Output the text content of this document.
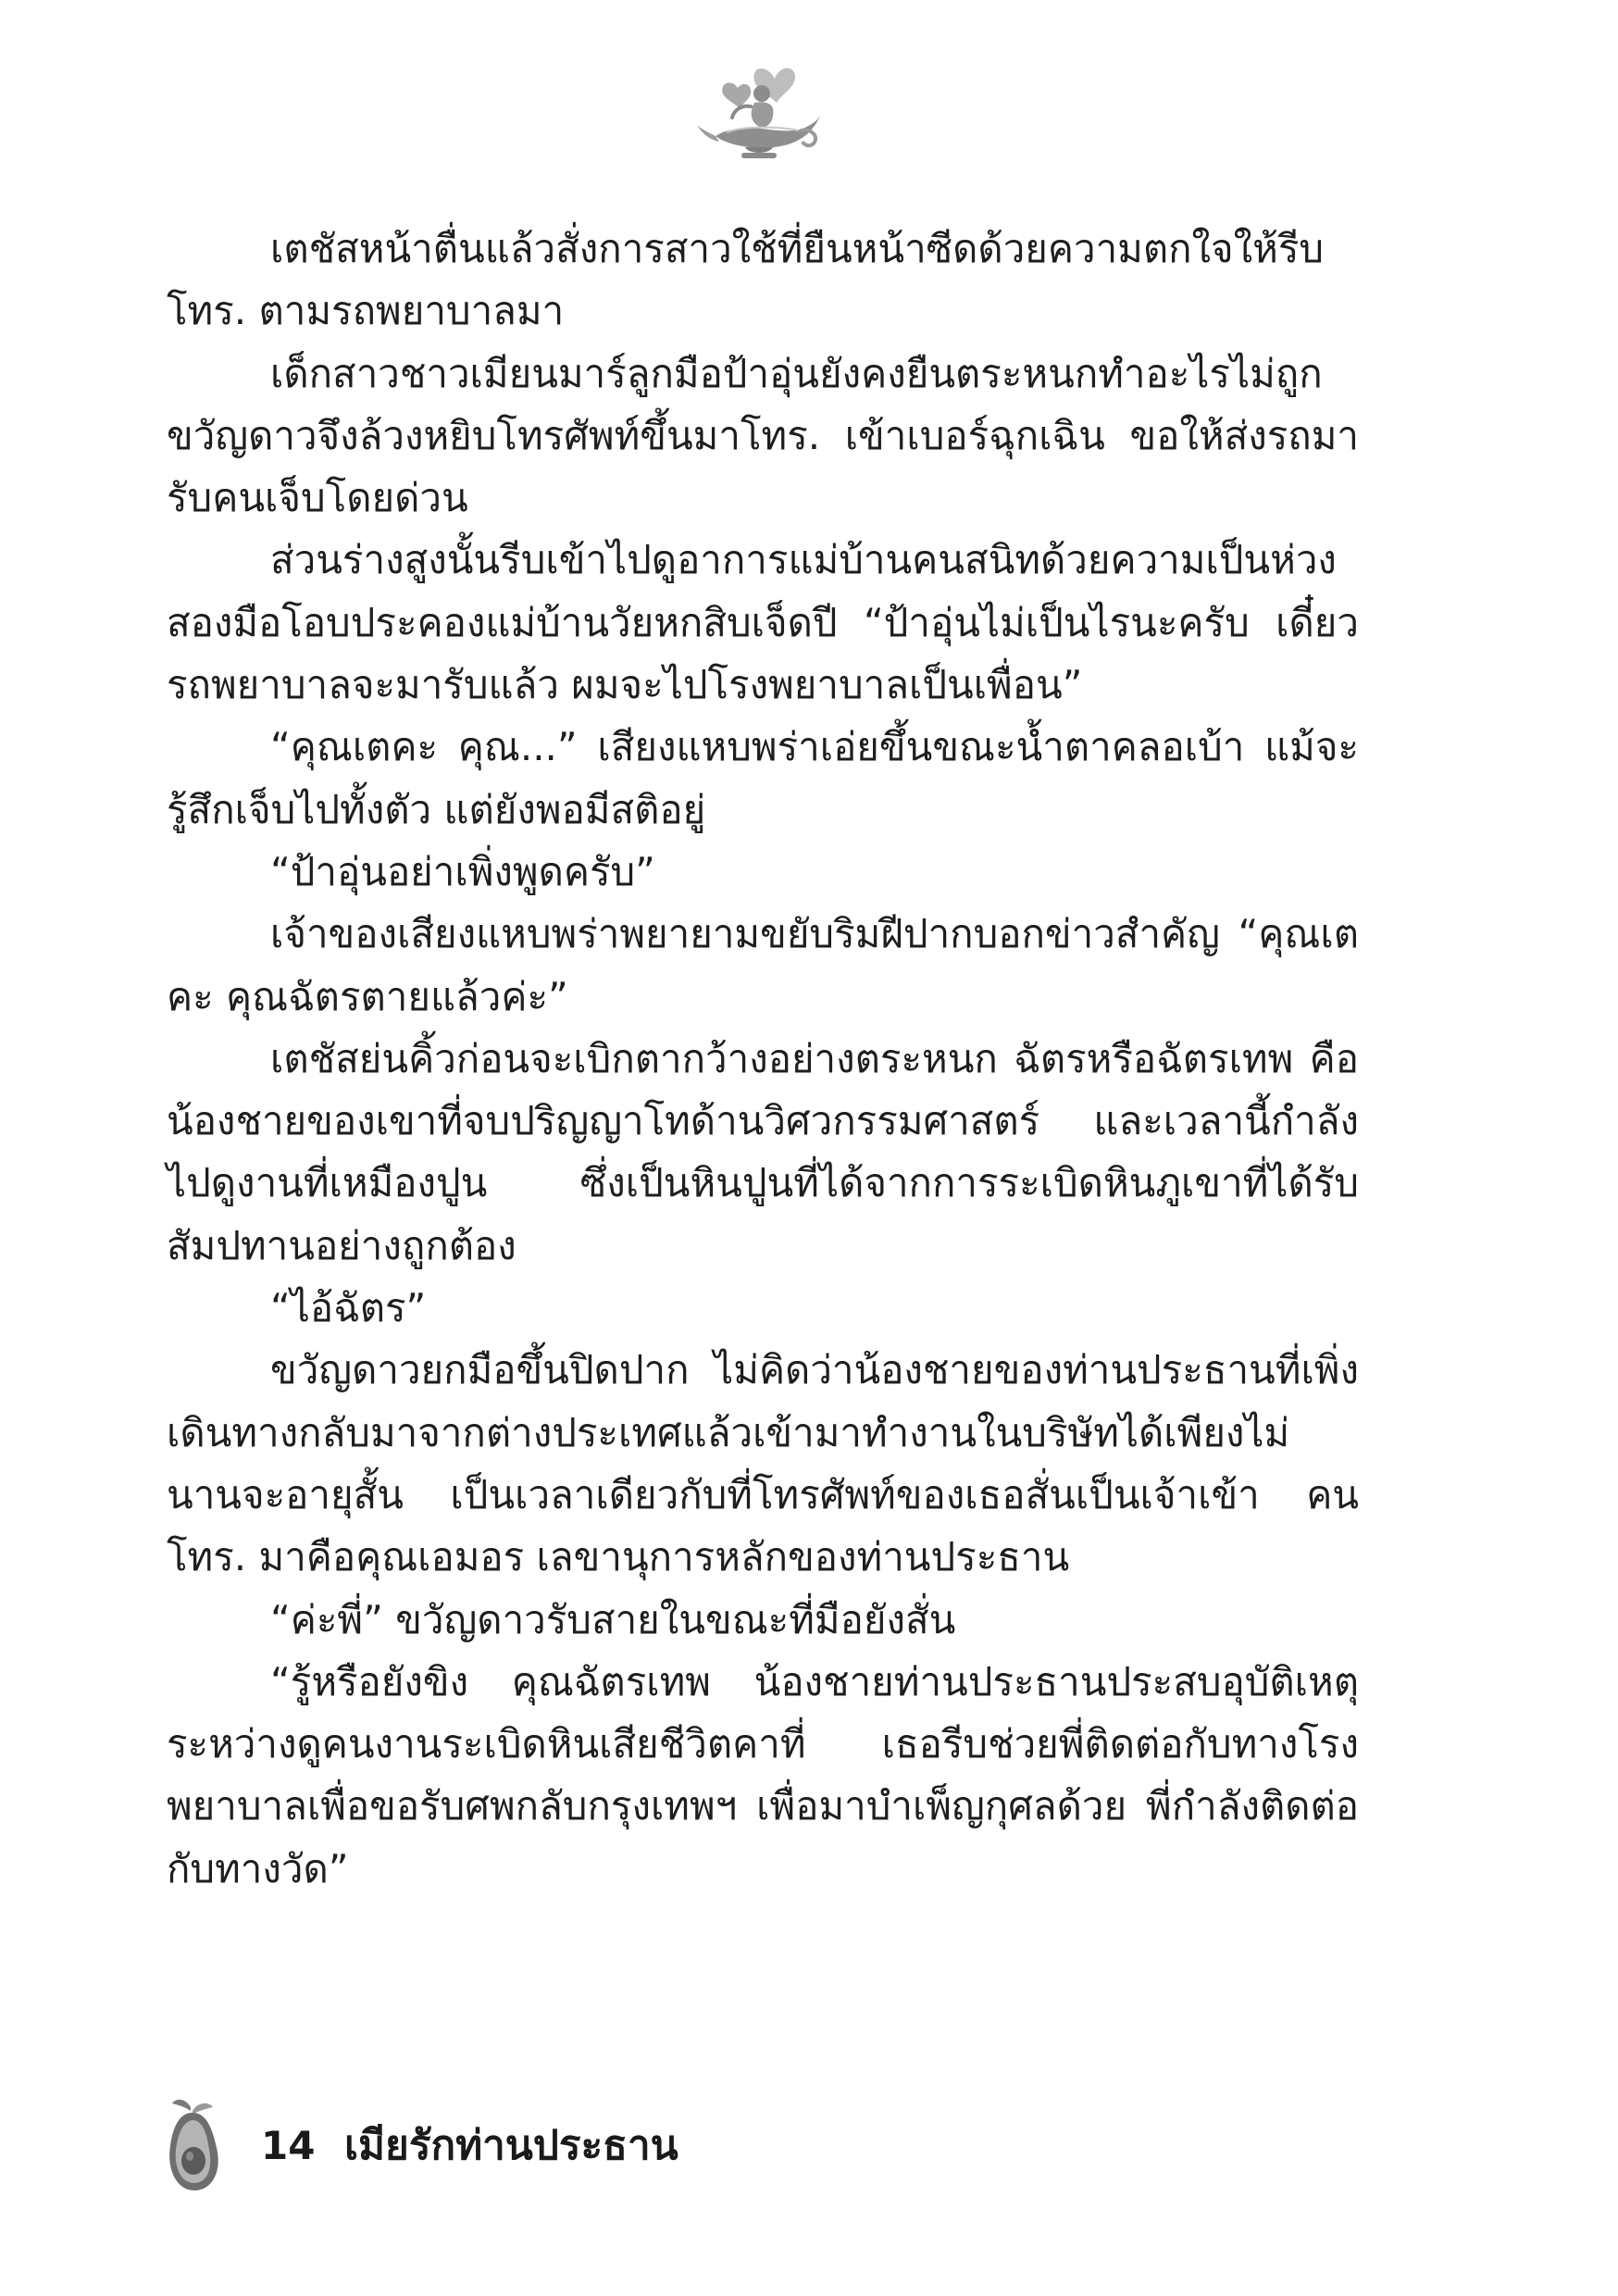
เตชัสหน้าตื่นแล้วสั่งการสาวใช้ที่ยืนหน้าซีดด้วยความตกใจให้รีบโทร. ตามรถพยาบาลมา

เด็กสาวชาวเมียนมาร์ลูกมือป้าอุ่นยังคงยืนตระหนกทำอะไรไม่ถูก ขวัญดาวจึงล้วงหยิบโทรศัพท์ขึ้นมาโทร. เข้าเบอร์ฉุกเฉิน ขอให้ส่งรถมารับคนเจ็บโดยด่วน

ส่วนร่างสูงนั้นรีบเข้าไปดูอาการแม่บ้านคนสนิทด้วยความเป็นห่วง สองมือโอบประคองแม่บ้านวัยหกสิบเจ็ดปี “ป้าอุ่นไม่เป็นไรนะครับ เดี๋ยวรถพยาบาลจะมารับแล้ว ผมจะไปโรงพยาบาลเป็นเพื่อน”

“คุณเตคะ คุณ...” เสียงแหบพร่าเอ่ยขึ้นขณะน้ำตาคลอเบ้า แม้จะรู้สึกเจ็บไปทั้งตัว แต่ยังพอมีสติอยู่

“ป้าอุ่นอย่าเพิ่งพูดครับ”

เจ้าของเสียงแหบพร่าพยายามขยับริมฝีปากบอกข่าวสำคัญ “คุณเตคะ คุณฉัตรตายแล้วค่ะ”

เตชัสย่นคิ้วก่อนจะเบิกตากว้างอย่างตระหนก ฉัตรหรือฉัตรเทพ คือน้องชายของเขาที่จบปริญญาโทด้านวิศวกรรมศาสตร์ และเวลานี้กำลังไปดูงานที่เหมืองปูน ซึ่งเป็นหินปูนที่ได้จากการระเบิดหินภูเขาที่ได้รับสัมปทานอย่างถูกต้อง

“ไอ้ฉัตร”

ขวัญดาวยกมือขึ้นปิดปาก ไม่คิดว่าน้องชายของท่านประธานที่เพิ่งเดินทางกลับมาจากต่างประเทศแล้วเข้ามาทำงานในบริษัทได้เพียงไม่นานจะอายุสั้น เป็นเวลาเดียวกับที่โทรศัพท์ของเธอสั่นเป็นเจ้าเข้า คนโทร. มาคือคุณเอมอร เลขานุการหลักของท่านประธาน

“ค่ะพี่” ขวัญดาวรับสายในขณะที่มือยังสั่น

“รู้หรือยังขิง คุณฉัตรเทพ น้องชายท่านประธานประสบอุบัติเหตุระหว่างดูคนงานระเบิดหินเสียชีวิตคาที่ เธอรีบช่วยพี่ติดต่อกับทางโรงพยาบาลเพื่อขอรับศพกลับกรุงเทพฯ เพื่อมาบำเพ็ญกุศลด้วย พี่กำลังติดต่อกับทางวัด”

14 เมียรักท่านประธาน
